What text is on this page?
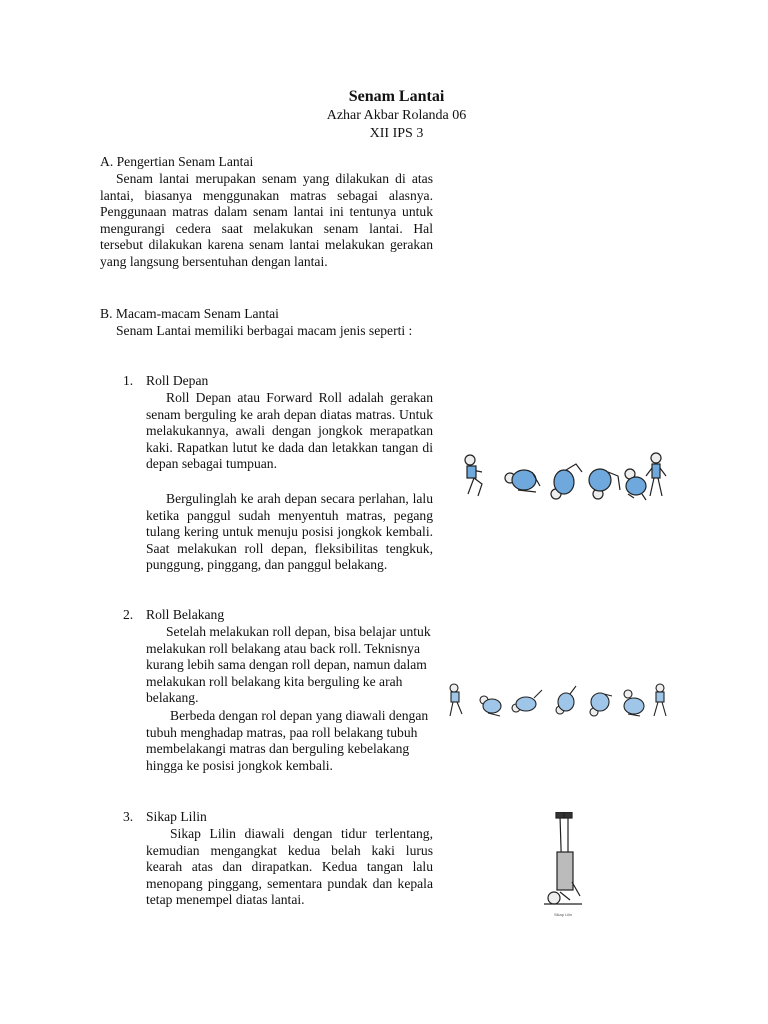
Senam Lantai
Azhar Akbar Rolanda 06
XII IPS 3
A. Pengertian Senam Lantai
Senam lantai merupakan senam yang dilakukan di atas lantai, biasanya menggunakan matras sebagai alasnya. Penggunaan matras dalam senam lantai ini tentunya untuk mengurangi cedera saat melakukan senam lantai. Hal tersebut dilakukan karena senam lantai melakukan gerakan yang langsung bersentuhan dengan lantai.
B. Macam-macam Senam Lantai
Senam Lantai memiliki berbagai macam jenis seperti :
1. Roll Depan
Roll Depan atau Forward Roll adalah gerakan senam berguling ke arah depan diatas matras. Untuk melakukannya, awali dengan jongkok merapatkan kaki. Rapatkan lutut ke dada dan letakkan tangan di depan sebagai tumpuan.
Bergulinglah ke arah depan secara perlahan, lalu ketika panggul sudah menyentuh matras, pegang tulang kering untuk menuju posisi jongkok kembali. Saat melakukan roll depan, fleksibilitas tengkuk, punggung, pinggang, dan panggul belakang.
2. Roll Belakang
Setelah melakukan roll depan, bisa belajar untuk melakukan roll belakang atau back roll. Teknisnya kurang lebih sama dengan roll depan, namun dalam melakukan roll belakang kita berguling ke arah belakang.
Berbeda dengan rol depan yang diawali dengan tubuh menghadap matras, paa roll belakang tubuh membelakangi matras dan berguling kebelakang hingga ke posisi jongkok kembali.
3. Sikap Lilin
Sikap Lilin diawali dengan tidur terlentang, kemudian mengangkat kedua belah kaki lurus kearah atas dan dirapatkan. Kedua tangan lalu menopang pinggang, sementara pundak dan kepala tetap menempel diatas lantai.
Sikap Lilin
